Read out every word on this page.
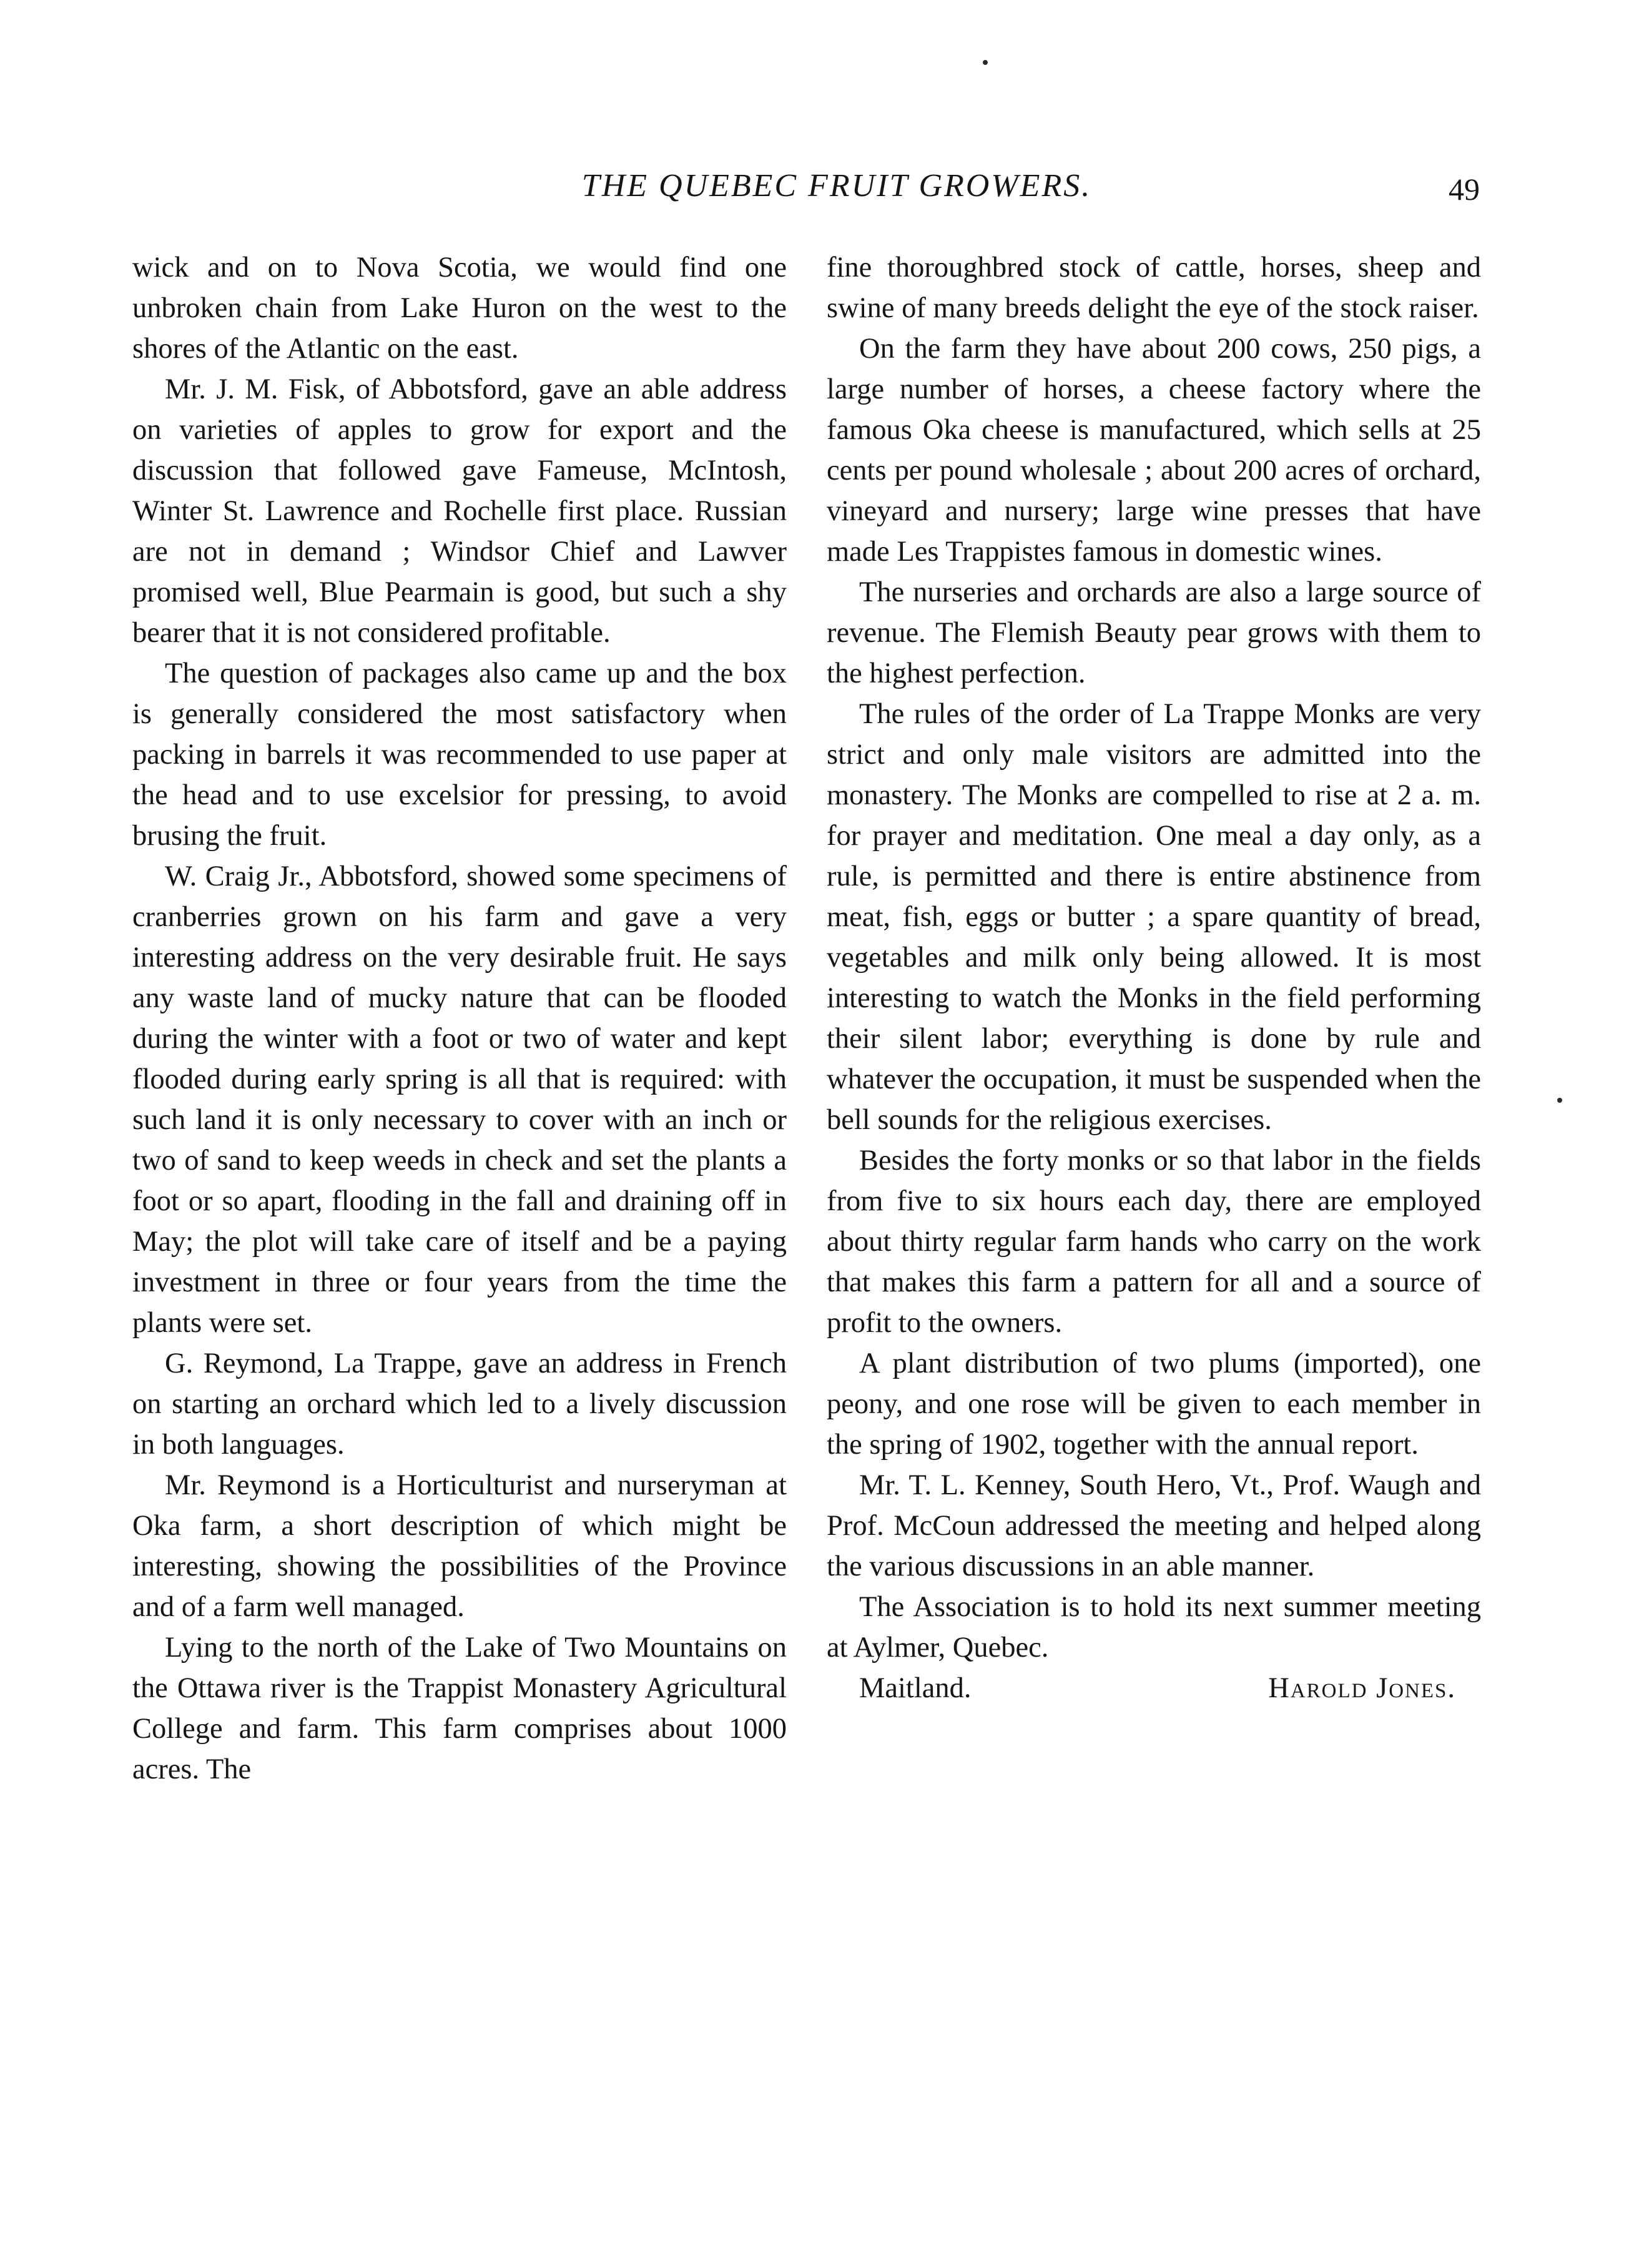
THE QUEBEC FRUIT GROWERS.	49

wick and on to Nova Scotia, we would find one unbroken chain from Lake Huron on the west to the shores of the Atlantic on the east.

Mr. J. M. Fisk, of Abbotsford, gave an able address on varieties of apples to grow for export and the discussion that followed gave Fameuse, McIntosh, Winter St. Lawrence and Rochelle first place. Russian are not in demand ; Windsor Chief and Lawver promised well, Blue Pearmain is good, but such a shy bearer that it is not considered profitable.

The question of packages also came up and the box is generally considered the most satisfactory when packing in barrels it was recommended to use paper at the head and to use excelsior for pressing, to avoid brusing the fruit.

W. Craig Jr., Abbotsford, showed some specimens of cranberries grown on his farm and gave a very interesting address on the very desirable fruit. He says any waste land of mucky nature that can be flooded during the winter with a foot or two of water and kept flooded during early spring is all that is required: with such land it is only necessary to cover with an inch or two of sand to keep weeds in check and set the plants a foot or so apart, flooding in the fall and draining off in May; the plot will take care of itself and be a paying investment in three or four years from the time the plants were set.

G. Reymond, La Trappe, gave an address in French on starting an orchard which led to a lively discussion in both languages.

Mr. Reymond is a Horticulturist and nurseryman at Oka farm, a short description of which might be interesting, showing the possibilities of the Province and of a farm well managed.

Lying to the north of the Lake of Two Mountains on the Ottawa river is the Trappist Monastery Agricultural College and farm. This farm comprises about 1000 acres. The

fine thoroughbred stock of cattle, horses, sheep and swine of many breeds delight the eye of the stock raiser.

On the farm they have about 200 cows, 250 pigs, a large number of horses, a cheese factory where the famous Oka cheese is manufactured, which sells at 25 cents per pound wholesale ; about 200 acres of orchard, vineyard and nursery; large wine presses that have made Les Trappistes famous in domestic wines.

The nurseries and orchards are also a large source of revenue. The Flemish Beauty pear grows with them to the highest perfection.

The rules of the order of La Trappe Monks are very strict and only male visitors are admitted into the monastery. The Monks are compelled to rise at 2 a. m. for prayer and meditation. One meal a day only, as a rule, is permitted and there is entire abstinence from meat, fish, eggs or butter ; a spare quantity of bread, vegetables and milk only being allowed. It is most interesting to watch the Monks in the field performing their silent labor; everything is done by rule and whatever the occupation, it must be suspended when the bell sounds for the religious exercises.

Besides the forty monks or so that labor in the fields from five to six hours each day, there are employed about thirty regular farm hands who carry on the work that makes this farm a pattern for all and a source of profit to the owners.

A plant distribution of two plums (imported), one peony, and one rose will be given to each member in the spring of 1902, together with the annual report.

Mr. T. L. Kenney, South Hero, Vt., Prof. Waugh and Prof. McCoun addressed the meeting and helped along the various discussions in an able manner.

The Association is to hold its next summer meeting at Aylmer, Quebec.

Maitland.	Harold Jones.
